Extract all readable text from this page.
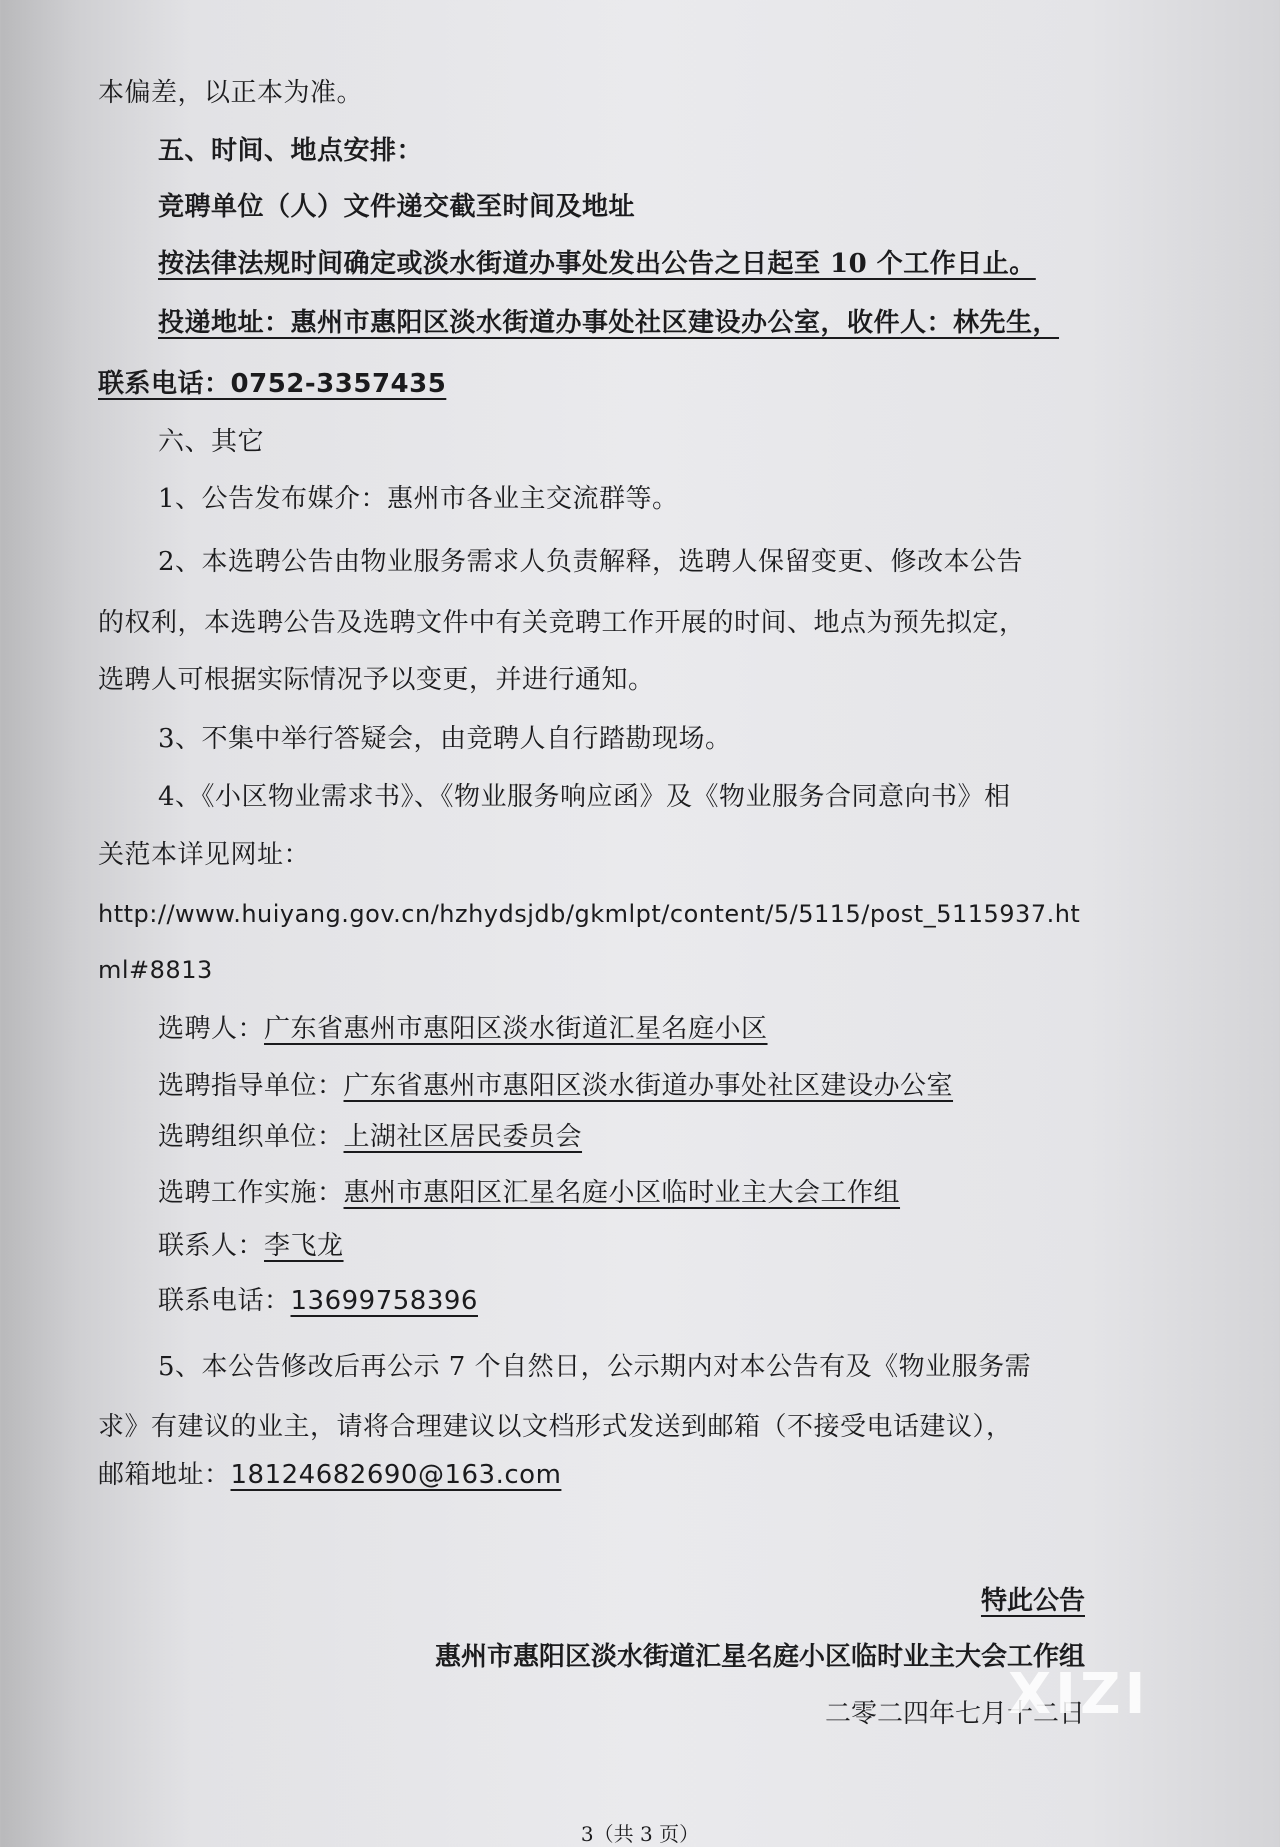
本偏差，以正本为准。
五、时间、地点安排：
竞聘单位（人）文件递交截至时间及地址
按法律法规时间确定或淡水街道办事处发出公告之日起至 10 个工作日止。
投递地址：惠州市惠阳区淡水街道办事处社区建设办公室，收件人：林先生，
联系电话：0752-3357435
六、其它
1、公告发布媒介：惠州市各业主交流群等。
2、本选聘公告由物业服务需求人负责解释，选聘人保留变更、修改本公告
的权利，本选聘公告及选聘文件中有关竞聘工作开展的时间、地点为预先拟定，
选聘人可根据实际情况予以变更，并进行通知。
3、不集中举行答疑会，由竞聘人自行踏勘现场。
4、《小区物业需求书》、《物业服务响应函》及《物业服务合同意向书》相
关范本详见网址：
http://www.huiyang.gov.cn/hzhydsjdb/gkmlpt/content/5/5115/post_5115937.ht
ml#8813
选聘人：广东省惠州市惠阳区淡水街道汇星名庭小区
选聘指导单位：广东省惠州市惠阳区淡水街道办事处社区建设办公室
选聘组织单位：上湖社区居民委员会
选聘工作实施：惠州市惠阳区汇星名庭小区临时业主大会工作组
联系人：李飞龙
联系电话：13699758396
5、本公告修改后再公示 7 个自然日，公示期内对本公告有及《物业服务需
求》有建议的业主，请将合理建议以文档形式发送到邮箱（不接受电话建议），
邮箱地址：18124682690@163.com
特此公告
惠州市惠阳区淡水街道汇星名庭小区临时业主大会工作组
二零二四年七月十二日
XIZI
3（共 3 页）
